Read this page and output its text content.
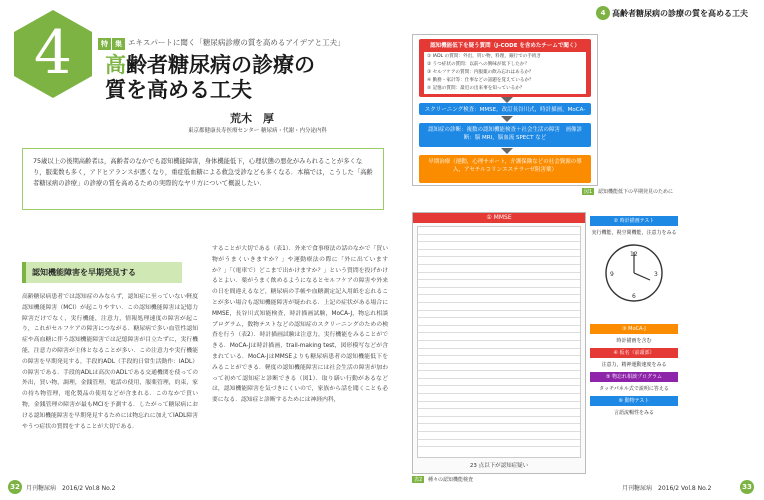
4	特	集 エキスパートに聞く「糖尿病診療の質を高めるアイデアと工夫」
高齢者糖尿病の診療の
質を高める工夫
荒木　厚
東京都健康長寿医療センター 糖尿病・代謝・内分泌内科
75歳以上の後期高齢者は，高齢者のなかでも認知機能障害，身体機能低下，心理状態の悪化がみられることが多くなり，服薬数も多く，アドヒアランスが悪くなり，重症低血糖による救急受診なども多くなる．本稿では，こうした「高齢者糖尿病の診療」の診療の質を高めるための実際的なヤリ方について概説したい．
認知機能障害を早期発見する
高齢糖尿病患者では認知症のみならず，認知症に至っていない軽度認知機能障害（MCI）が起こりやすい．この認知機能障害は記憶力障害だけでなく，実行機能，注意力，情報処理速度の障害が起こり，これがセルフケアの障害につながる．糖尿病で多い血管性認知症や高血糖に伴う認知機能障害では記憶障害が目立たずに，実行機能，注意力の障害が主体となることが多い．この注意力や実行機能の障害を早期発見する，手段的ADL（手段的日常生活動作：IADL）の障害である．手段的ADLは高次のADLである交通機関を使っての外出，買い物，調理，金銭管理，電話の使用，服薬管理，約束，家の持ち物管理，電化製品の使用などが含まれる．このなかで買い物，金銭管理の障害が最もMCIを予測する．したがって糖尿病における認知機能障害を早期発見するためには物忘れに加えてIADL障害やうつ症状の質問をすることが大切である．
することが大切である（表1）．外来で食事療法の話のなかで「買い物がうまくいきますか？」や運動療法の際に「外に出ていますか？」「（電車で）どこまで出かけますか？」という質問を投げかけるとよい．薬がうまく飲めるようになるとセルフケアの障害や外来の日を間違えるなど，糖尿病の手帳や血糖測定記入用紙を忘れることが多い場合も認知機能障害が疑われる．上記の症状がある場合にMMSE，長谷川式知能検査，時計描画試験，MoCA-J，物忘れ相談プログラム，数物テストなどの認知症のスクリーニングのための検査を行う（表2）．時計描画試験は注意力，実行機能をみることができる．MoCA-Jは時計描画，trail-making test，図形模写などが含まれている．MoCA-JはMMSEよりも糖尿病患者の認知機能低下をみることができる．軽度の認知機能障害には社会生活の障害が加わって初めて認知症と診断できる（図1）．取り繕い行動があるなどは，認知機能障害を気づきにくいので，家族から話を聞くことも必要になる．認知症と診断するためには神経内科，
32	月刊糖尿病　2016/2 Vol.8 No.2
4 高齢者糖尿病の診療の質を高める工夫
認知機能低下を疑う質問（J-CODE を含めたチームで聞く）
① IADL の質問：外出，買い物，料理，銀行での手続き
② うつ症状の質問：以前への興味が低下したか？
③ セルフケアの質問：内服薬の飲み忘れはあるか？
④ 勤務・家計等：仕事などの話題を覚えているか？
⑤ 記憶の質問：最近の出来事を知っているか？
スクリーニング検査：MMSE，改訂長谷川式，時計描画，MoCA-J
認知症の診断：複数の認知機能検査＋社会生活の障害　画像診断：脳 MRI，脳血流 SPECT など
早期治療（運動，心理サポート，介護保険などの社会資源の導入，アセチルコリンエステラーゼ阻害薬）
図1	認知機能低下の早期発見のために
① MMSE
23 点以下が認知症疑い
② 時計描画テスト
実行機能，視空間機能，注意力をみる
12
3
6
9
③ MoCA-J
時計描画を含む
④ 仮名（前頭部）
注意力，精神運動速度をみる
⑤ 物忘れ相談プログラム
タッチパネル式で説明に答える
⑥ 動物テスト
言語流暢性をみる
表2	種々の認知機能検査
月刊糖尿病　2016/2 Vol.8 No.2	33
